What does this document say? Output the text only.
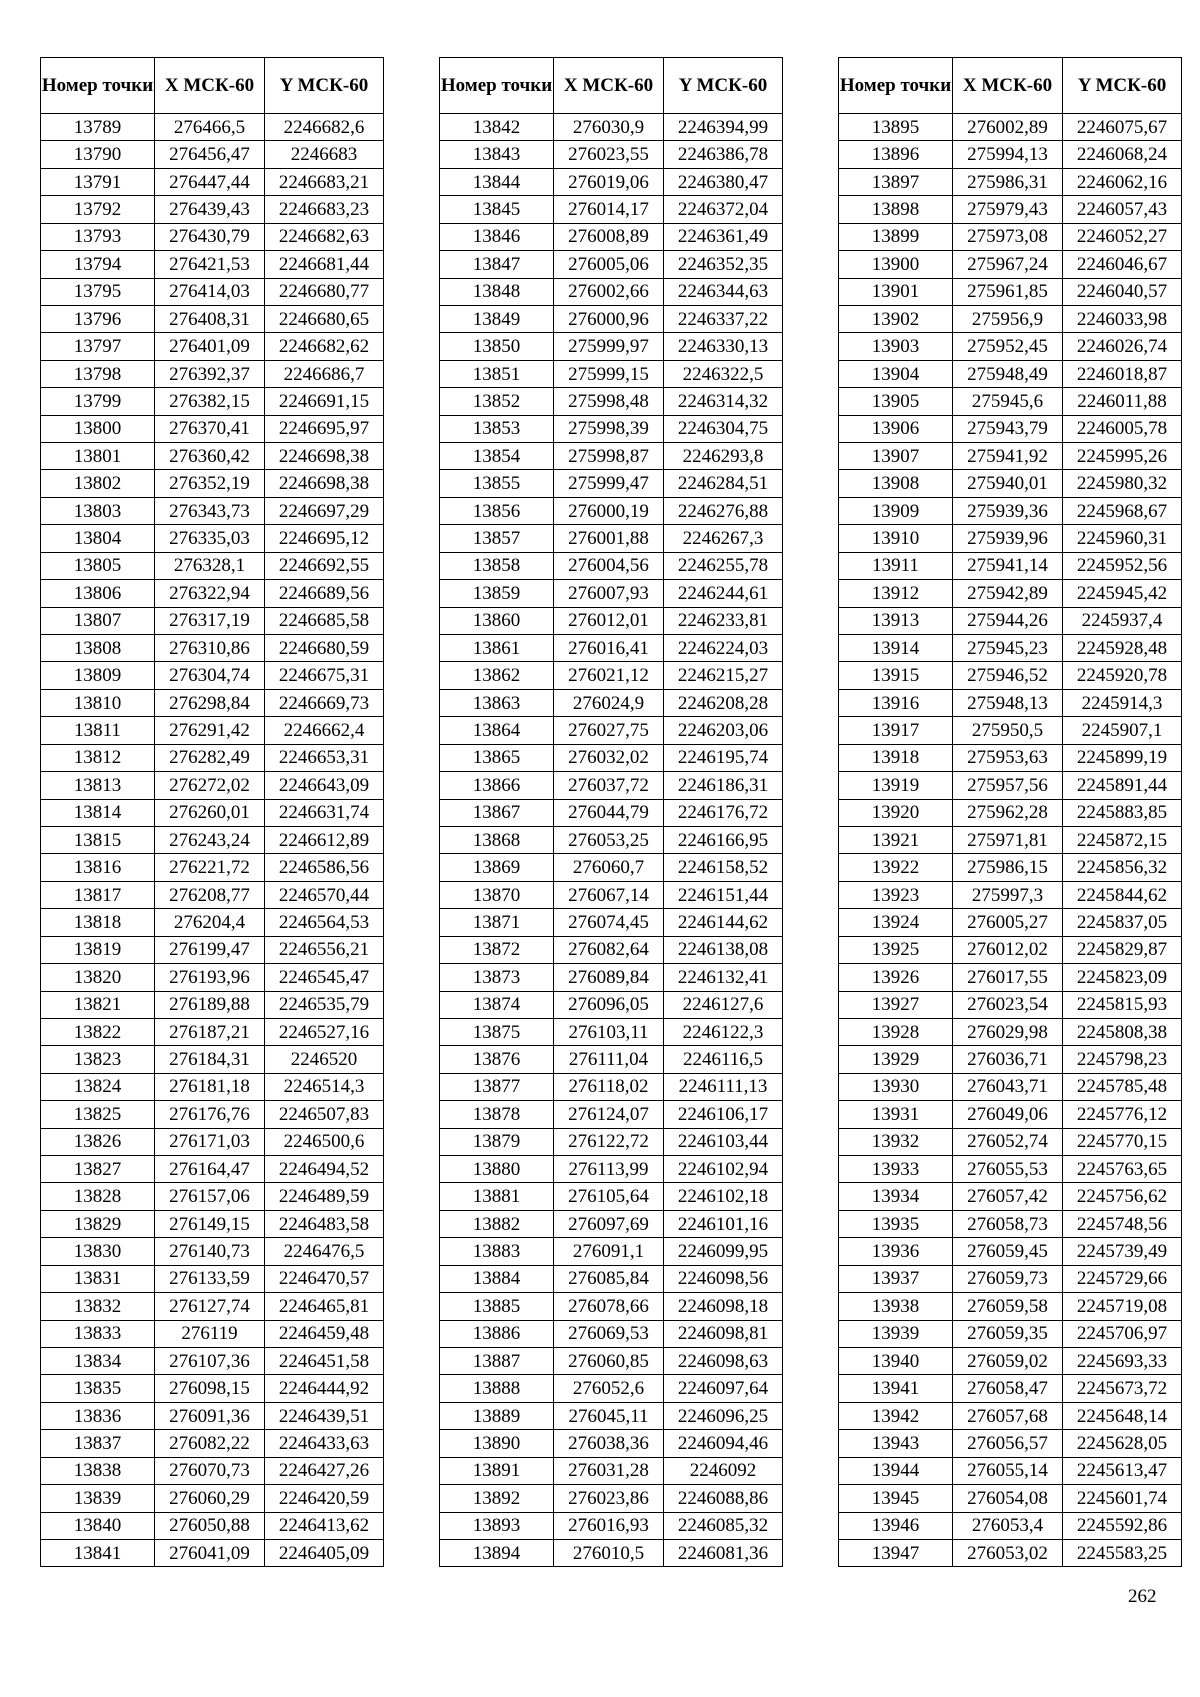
Номер точки	X МСК-60	Y МСК-60
13789	276466,5	2246682,6
13790	276456,47	2246683
13791	276447,44	2246683,21
13792	276439,43	2246683,23
13793	276430,79	2246682,63
13794	276421,53	2246681,44
13795	276414,03	2246680,77
13796	276408,31	2246680,65
13797	276401,09	2246682,62
13798	276392,37	2246686,7
13799	276382,15	2246691,15
13800	276370,41	2246695,97
13801	276360,42	2246698,38
13802	276352,19	2246698,38
13803	276343,73	2246697,29
13804	276335,03	2246695,12
13805	276328,1	2246692,55
13806	276322,94	2246689,56
13807	276317,19	2246685,58
13808	276310,86	2246680,59
13809	276304,74	2246675,31
13810	276298,84	2246669,73
13811	276291,42	2246662,4
13812	276282,49	2246653,31
13813	276272,02	2246643,09
13814	276260,01	2246631,74
13815	276243,24	2246612,89
13816	276221,72	2246586,56
13817	276208,77	2246570,44
13818	276204,4	2246564,53
13819	276199,47	2246556,21
13820	276193,96	2246545,47
13821	276189,88	2246535,79
13822	276187,21	2246527,16
13823	276184,31	2246520
13824	276181,18	2246514,3
13825	276176,76	2246507,83
13826	276171,03	2246500,6
13827	276164,47	2246494,52
13828	276157,06	2246489,59
13829	276149,15	2246483,58
13830	276140,73	2246476,5
13831	276133,59	2246470,57
13832	276127,74	2246465,81
13833	276119	2246459,48
13834	276107,36	2246451,58
13835	276098,15	2246444,92
13836	276091,36	2246439,51
13837	276082,22	2246433,63
13838	276070,73	2246427,26
13839	276060,29	2246420,59
13840	276050,88	2246413,62
13841	276041,09	2246405,09
Номер точки	X МСК-60	Y МСК-60
13842	276030,9	2246394,99
13843	276023,55	2246386,78
13844	276019,06	2246380,47
13845	276014,17	2246372,04
13846	276008,89	2246361,49
13847	276005,06	2246352,35
13848	276002,66	2246344,63
13849	276000,96	2246337,22
13850	275999,97	2246330,13
13851	275999,15	2246322,5
13852	275998,48	2246314,32
13853	275998,39	2246304,75
13854	275998,87	2246293,8
13855	275999,47	2246284,51
13856	276000,19	2246276,88
13857	276001,88	2246267,3
13858	276004,56	2246255,78
13859	276007,93	2246244,61
13860	276012,01	2246233,81
13861	276016,41	2246224,03
13862	276021,12	2246215,27
13863	276024,9	2246208,28
13864	276027,75	2246203,06
13865	276032,02	2246195,74
13866	276037,72	2246186,31
13867	276044,79	2246176,72
13868	276053,25	2246166,95
13869	276060,7	2246158,52
13870	276067,14	2246151,44
13871	276074,45	2246144,62
13872	276082,64	2246138,08
13873	276089,84	2246132,41
13874	276096,05	2246127,6
13875	276103,11	2246122,3
13876	276111,04	2246116,5
13877	276118,02	2246111,13
13878	276124,07	2246106,17
13879	276122,72	2246103,44
13880	276113,99	2246102,94
13881	276105,64	2246102,18
13882	276097,69	2246101,16
13883	276091,1	2246099,95
13884	276085,84	2246098,56
13885	276078,66	2246098,18
13886	276069,53	2246098,81
13887	276060,85	2246098,63
13888	276052,6	2246097,64
13889	276045,11	2246096,25
13890	276038,36	2246094,46
13891	276031,28	2246092
13892	276023,86	2246088,86
13893	276016,93	2246085,32
13894	276010,5	2246081,36
Номер точки	X МСК-60	Y МСК-60
13895	276002,89	2246075,67
13896	275994,13	2246068,24
13897	275986,31	2246062,16
13898	275979,43	2246057,43
13899	275973,08	2246052,27
13900	275967,24	2246046,67
13901	275961,85	2246040,57
13902	275956,9	2246033,98
13903	275952,45	2246026,74
13904	275948,49	2246018,87
13905	275945,6	2246011,88
13906	275943,79	2246005,78
13907	275941,92	2245995,26
13908	275940,01	2245980,32
13909	275939,36	2245968,67
13910	275939,96	2245960,31
13911	275941,14	2245952,56
13912	275942,89	2245945,42
13913	275944,26	2245937,4
13914	275945,23	2245928,48
13915	275946,52	2245920,78
13916	275948,13	2245914,3
13917	275950,5	2245907,1
13918	275953,63	2245899,19
13919	275957,56	2245891,44
13920	275962,28	2245883,85
13921	275971,81	2245872,15
13922	275986,15	2245856,32
13923	275997,3	2245844,62
13924	276005,27	2245837,05
13925	276012,02	2245829,87
13926	276017,55	2245823,09
13927	276023,54	2245815,93
13928	276029,98	2245808,38
13929	276036,71	2245798,23
13930	276043,71	2245785,48
13931	276049,06	2245776,12
13932	276052,74	2245770,15
13933	276055,53	2245763,65
13934	276057,42	2245756,62
13935	276058,73	2245748,56
13936	276059,45	2245739,49
13937	276059,73	2245729,66
13938	276059,58	2245719,08
13939	276059,35	2245706,97
13940	276059,02	2245693,33
13941	276058,47	2245673,72
13942	276057,68	2245648,14
13943	276056,57	2245628,05
13944	276055,14	2245613,47
13945	276054,08	2245601,74
13946	276053,4	2245592,86
13947	276053,02	2245583,25
262
